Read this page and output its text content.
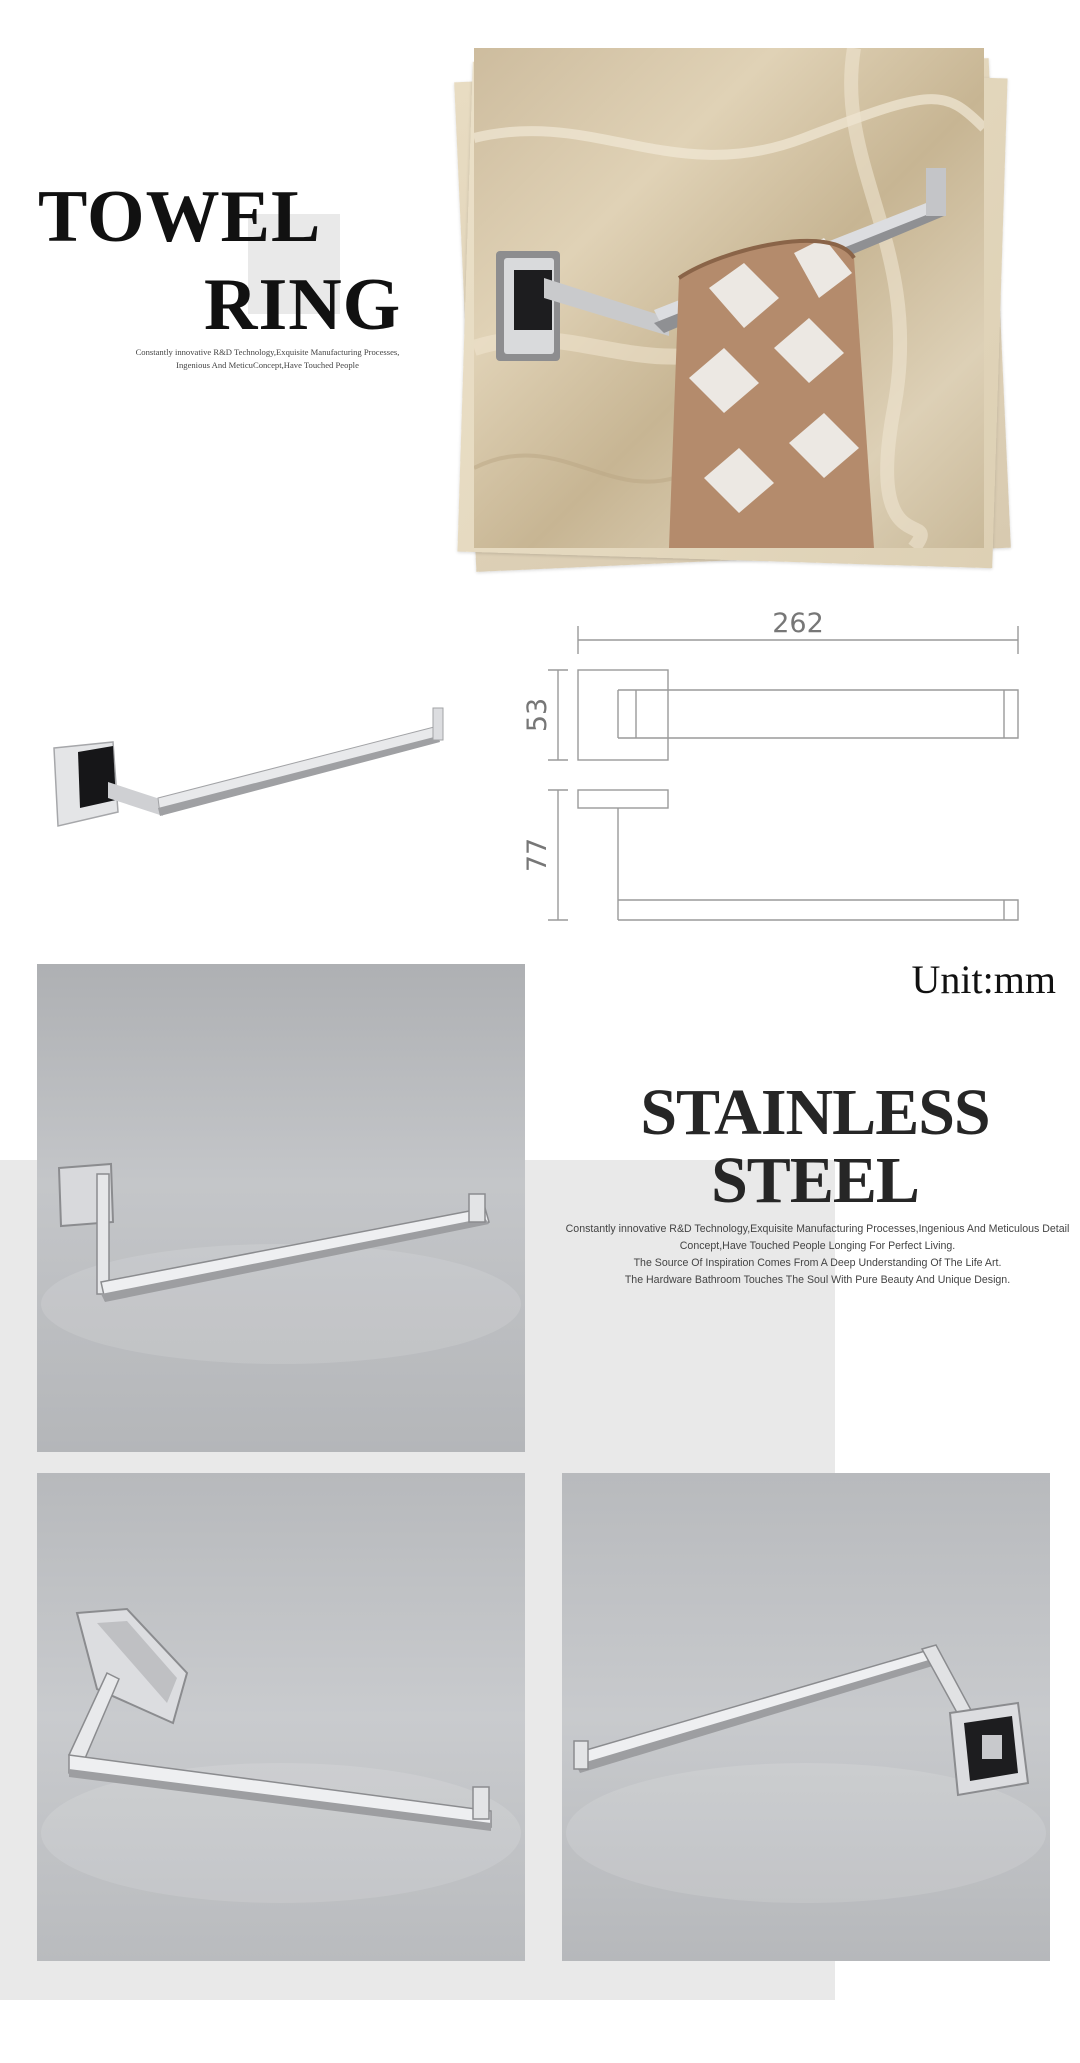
TOWEL
RING
Constantly innovative R&D Technology,Exquisite Manufacturing Processes,
Ingenious And MeticuConcept,Have Touched People
262
53
77

Unit:mm

STAINLESS
STEEL
Constantly innovative R&D Technology,Exquisite Manufacturing Processes,Ingenious And Meticulous Detail
Concept,Have Touched People Longing For Perfect Living.
The Source Of Inspiration Comes From A Deep Understanding Of The Life Art.
The Hardware Bathroom Touches The Soul With Pure Beauty And Unique Design.
